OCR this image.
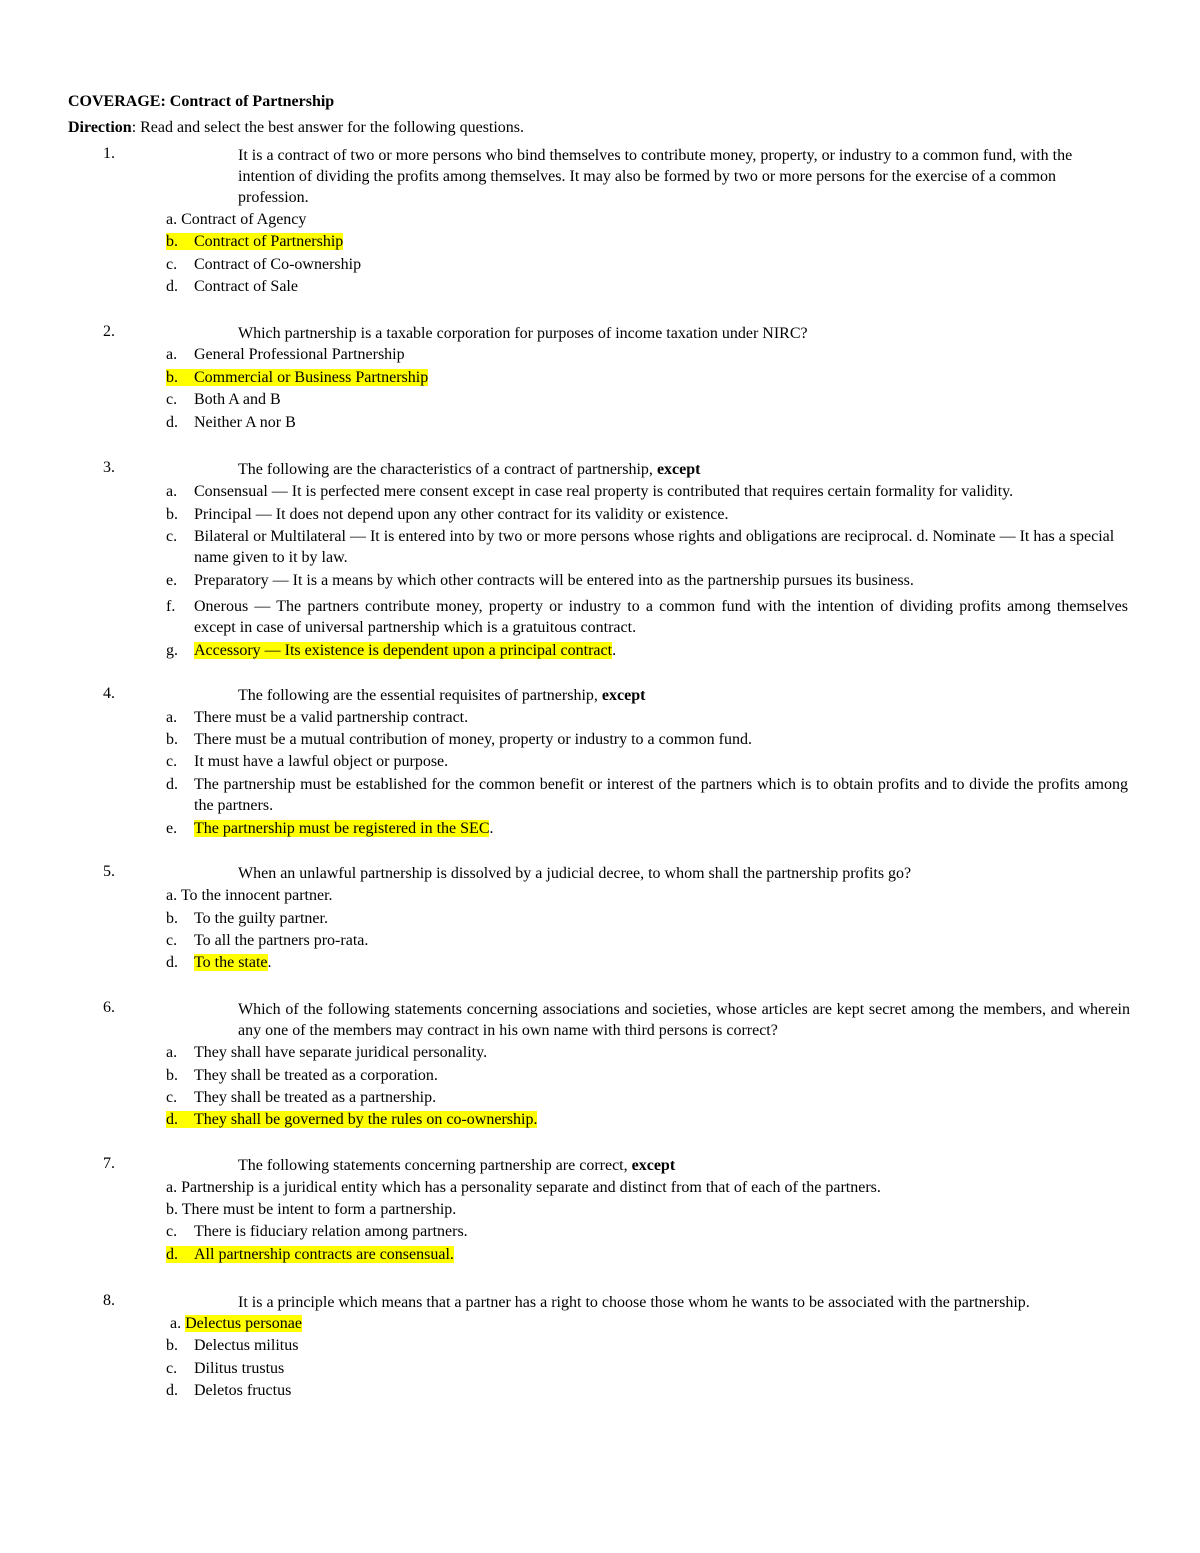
COVERAGE: Contract of Partnership
Direction: Read and select the best answer for the following questions.
1.	It is a contract of two or more persons who bind themselves to contribute money, property, or industry to a common fund, with the intention of dividing the profits among themselves. It may also be formed by two or more persons for the exercise of a common profession.
a. Contract of Agency
b. Contract of Partnership
c. Contract of Co-ownership
d. Contract of Sale
2.	Which partnership is a taxable corporation for purposes of income taxation under NIRC?
a. General Professional Partnership
b. Commercial or Business Partnership
c. Both A and B
d. Neither A nor B
3.	The following are the characteristics of a contract of partnership, except
a. Consensual — It is perfected mere consent except in case real property is contributed that requires certain formality for validity.
b. Principal — It does not depend upon any other contract for its validity or existence.
c. Bilateral or Multilateral — It is entered into by two or more persons whose rights and obligations are reciprocal. d. Nominate — It has a special name given to it by law.
e. Preparatory — It is a means by which other contracts will be entered into as the partnership pursues its business.
f. Onerous — The partners contribute money, property or industry to a common fund with the intention of dividing profits among themselves except in case of universal partnership which is a gratuitous contract.
g. Accessory — Its existence is dependent upon a principal contract.
4.	The following are the essential requisites of partnership, except
a. There must be a valid partnership contract.
b. There must be a mutual contribution of money, property or industry to a common fund.
c. It must have a lawful object or purpose.
d. The partnership must be established for the common benefit or interest of the partners which is to obtain profits and to divide the profits among the partners.
e. The partnership must be registered in the SEC.
5.	When an unlawful partnership is dissolved by a judicial decree, to whom shall the partnership profits go?
a. To the innocent partner.
b. To the guilty partner.
c. To all the partners pro-rata.
d. To the state.
6.	Which of the following statements concerning associations and societies, whose articles are kept secret among the members, and wherein any one of the members may contract in his own name with third persons is correct?
a. They shall have separate juridical personality.
b. They shall be treated as a corporation.
c. They shall be treated as a partnership.
d. They shall be governed by the rules on co-ownership.
7.	The following statements concerning partnership are correct, except
a. Partnership is a juridical entity which has a personality separate and distinct from that of each of the partners.
b. There must be intent to form a partnership.
c. There is fiduciary relation among partners.
d. All partnership contracts are consensual.
8.	It is a principle which means that a partner has a right to choose those whom he wants to be associated with the partnership.
a. Delectus personae
b. Delectus militus
c. Dilitus trustus
d. Deletos fructus
